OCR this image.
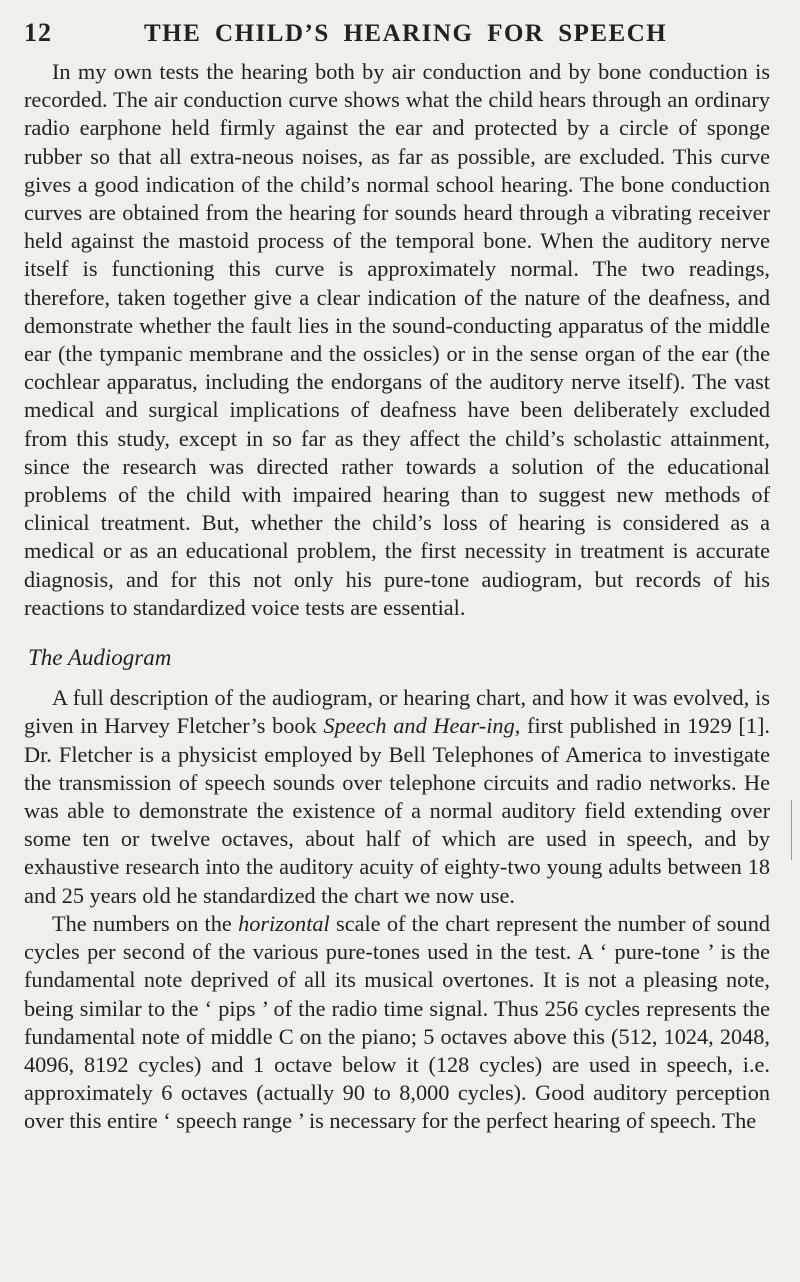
12	THE CHILD’S HEARING FOR SPEECH

In my own tests the hearing both by air conduction and by bone conduction is recorded. The air conduction curve shows what the child hears through an ordinary radio earphone held firmly against the ear and protected by a circle of sponge rubber so that all extra-neous noises, as far as possible, are excluded. This curve gives a good indication of the child’s normal school hearing. The bone conduction curves are obtained from the hearing for sounds heard through a vibrating receiver held against the mastoid process of the temporal bone. When the auditory nerve itself is functioning this curve is approximately normal. The two readings, therefore, taken together give a clear indication of the nature of the deafness, and demonstrate whether the fault lies in the sound-conducting apparatus of the middle ear (the tympanic membrane and the ossicles) or in the sense organ of the ear (the cochlear apparatus, including the endorgans of the auditory nerve itself). The vast medical and surgical implications of deafness have been deliberately excluded from this study, except in so far as they affect the child’s scholastic attainment, since the research was directed rather towards a solution of the educational problems of the child with impaired hearing than to suggest new methods of clinical treatment. But, whether the child’s loss of hearing is considered as a medical or as an educational problem, the first necessity in treatment is accurate diagnosis, and for this not only his pure-tone audiogram, but records of his reactions to standardized voice tests are essential.

The Audiogram

A full description of the audiogram, or hearing chart, and how it was evolved, is given in Harvey Fletcher’s book Speech and Hear-ing, first published in 1929 [1]. Dr. Fletcher is a physicist employed by Bell Telephones of America to investigate the transmission of speech sounds over telephone circuits and radio networks. He was able to demonstrate the existence of a normal auditory field extending over some ten or twelve octaves, about half of which are used in speech, and by exhaustive research into the auditory acuity of eighty-two young adults between 18 and 25 years old he standardized the chart we now use.

The numbers on the horizontal scale of the chart represent the number of sound cycles per second of the various pure-tones used in the test. A ‘ pure-tone ’ is the fundamental note deprived of all its musical overtones. It is not a pleasing note, being similar to the ‘ pips ’ of the radio time signal. Thus 256 cycles represents the fundamental note of middle C on the piano; 5 octaves above this (512, 1024, 2048, 4096, 8192 cycles) and 1 octave below it (128 cycles) are used in speech, i.e. approximately 6 octaves (actually 90 to 8,000 cycles). Good auditory perception over this entire ‘ speech range ’ is necessary for the perfect hearing of speech. The
